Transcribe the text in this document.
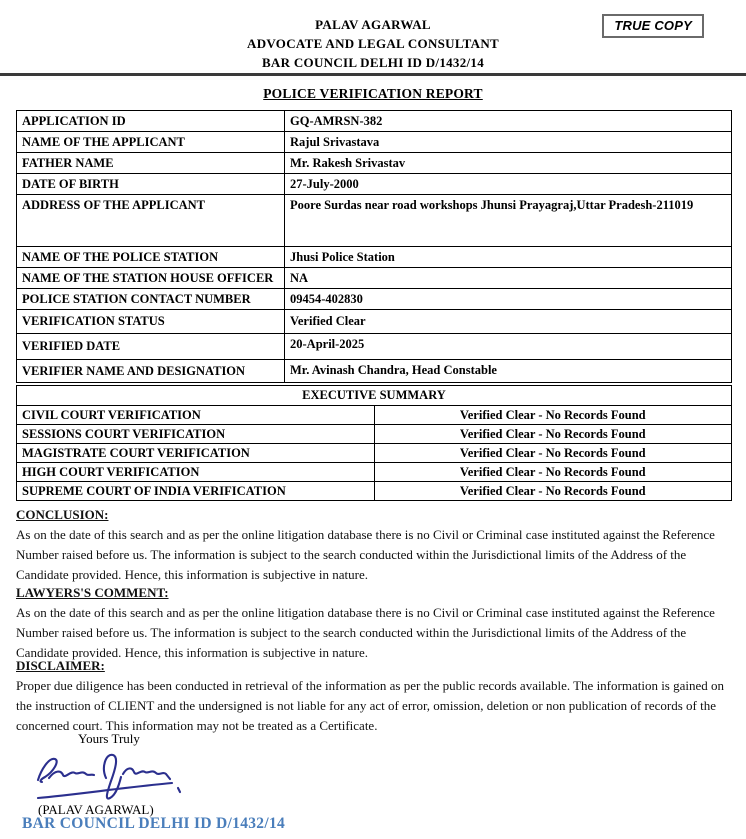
PALAV AGARWAL
ADVOCATE AND LEGAL CONSULTANT
BAR COUNCIL DELHI ID D/1432/14
TRUE COPY
POLICE VERIFICATION REPORT
APPLICATION ID	GQ-AMRSN-382
NAME OF THE APPLICANT	Rajul Srivastava
FATHER NAME	Mr. Rakesh Srivastav
DATE OF BIRTH	27-July-2000
ADDRESS OF THE APPLICANT	Poore Surdas near road workshops Jhunsi Prayagraj,Uttar Pradesh-211019
NAME OF THE POLICE STATION	Jhusi Police Station
NAME OF THE STATION HOUSE OFFICER	NA
POLICE STATION CONTACT NUMBER	09454-402830
VERIFICATION STATUS	Verified Clear
VERIFIED DATE	20-April-2025
VERIFIER NAME AND DESIGNATION	Mr. Avinash Chandra, Head Constable
EXECUTIVE SUMMARY	
CIVIL COURT VERIFICATION	Verified Clear - No Records Found
SESSIONS COURT VERIFICATION	Verified Clear - No Records Found
MAGISTRATE COURT VERIFICATION	Verified Clear - No Records Found
HIGH COURT VERIFICATION	Verified Clear - No Records Found
SUPREME COURT OF INDIA VERIFICATION	Verified Clear - No Records Found
CONCLUSION:

As on the date of this search and as per the online litigation database there is no Civil or Criminal case instituted against the Reference Number raised before us. The information is subject to the search conducted within the Jurisdictional limits of the Address of the Candidate provided. Hence, this information is subjective in nature.

LAWYERS'S COMMENT:

As on the date of this search and as per the online litigation database there is no Civil or Criminal case instituted against the Reference Number raised before us. The information is subject to the search conducted within the Jurisdictional limits of the Address of the Candidate provided. Hence, this information is subjective in nature.

DISCLAIMER:

Proper due diligence has been conducted in retrieval of the information as per the public records available. The information is gained on the instruction of CLIENT and the undersigned is not liable for any act of error, omission, deletion or non publication of records of the concerned court. This information may not be treated as a Certificate.

Yours Truly
(PALAV AGARWAL)
BAR COUNCIL DELHI ID D/1432/14
